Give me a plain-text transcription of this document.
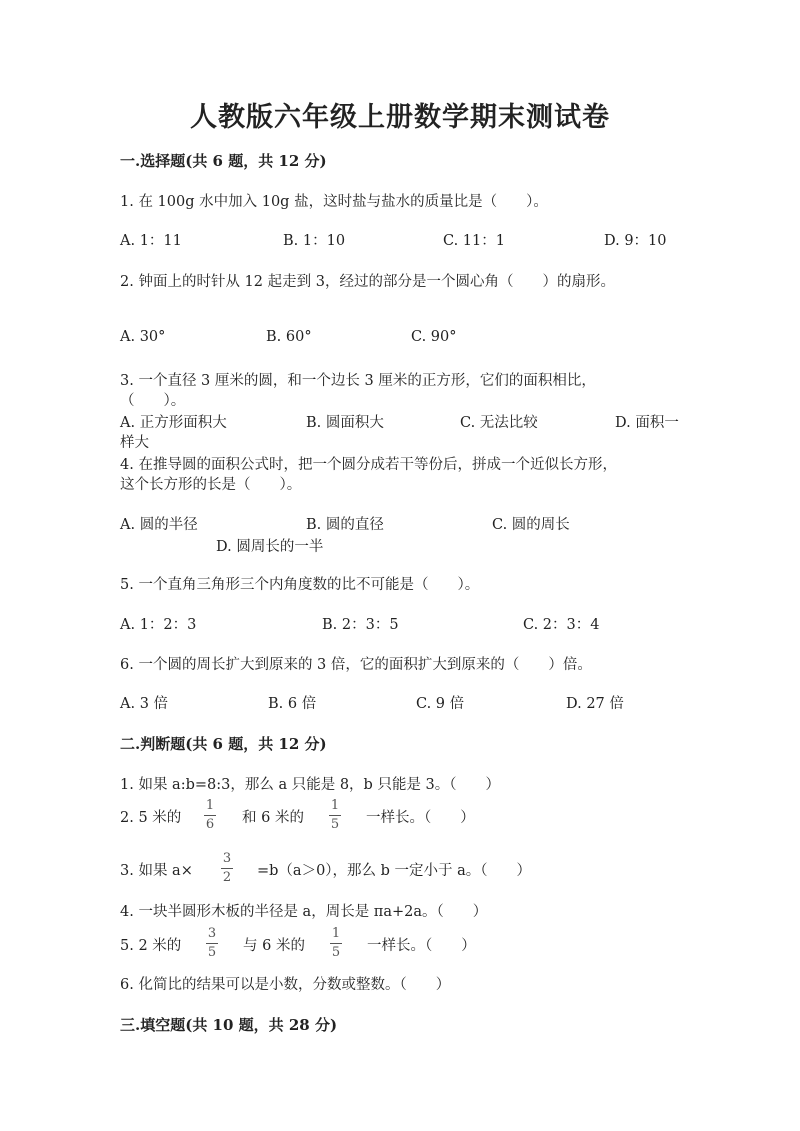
人教版六年级上册数学期末测试卷
一.选择题(共 6 题，共 12 分)
1. 在 100g 水中加入 10g 盐，这时盐与盐水的质量比是（　　）。
A. 1：11	B. 1：10	C. 11：1	D. 9：10
2. 钟面上的时针从 12 起走到 3，经过的部分是一个圆心角（　　）的扇形。
A. 30°	B. 60°	C. 90°
3. 一个直径 3 厘米的圆，和一个边长 3 厘米的正方形，它们的面积相比，
（　　）。
A. 正方形面积大	B. 圆面积大	C. 无法比较	D. 面积一
样大
4. 在推导圆的面积公式时，把一个圆分成若干等份后，拼成一个近似长方形，
这个长方形的长是（　　）。
A. 圆的半径	B. 圆的直径	C. 圆的周长
D. 圆周长的一半
5. 一个直角三角形三个内角度数的比不可能是（　　）。
A. 1：2：3	B. 2：3：5	C. 2：3：4
6. 一个圆的周长扩大到原来的 3 倍，它的面积扩大到原来的（　　）倍。
A. 3 倍	B. 6 倍	C. 9 倍	D. 27 倍
二.判断题(共 6 题，共 12 分)
1. 如果 a:b=8:3，那么 a 只能是 8，b 只能是 3。（　　）
2. 5 米的
1
6 和 6 米的
1
5 一样长。（　　）
3. 如果 a×
3
2 =b（a＞0），那么 b 一定小于 a。（　　）
4. 一块半圆形木板的半径是 a，周长是 πa+2a。（　　）
5. 2 米的
3
5 与 6 米的
1
5 一样长。（　　）
6. 化简比的结果可以是小数，分数或整数。（　　）
三.填空题(共 10 题，共 28 分)
